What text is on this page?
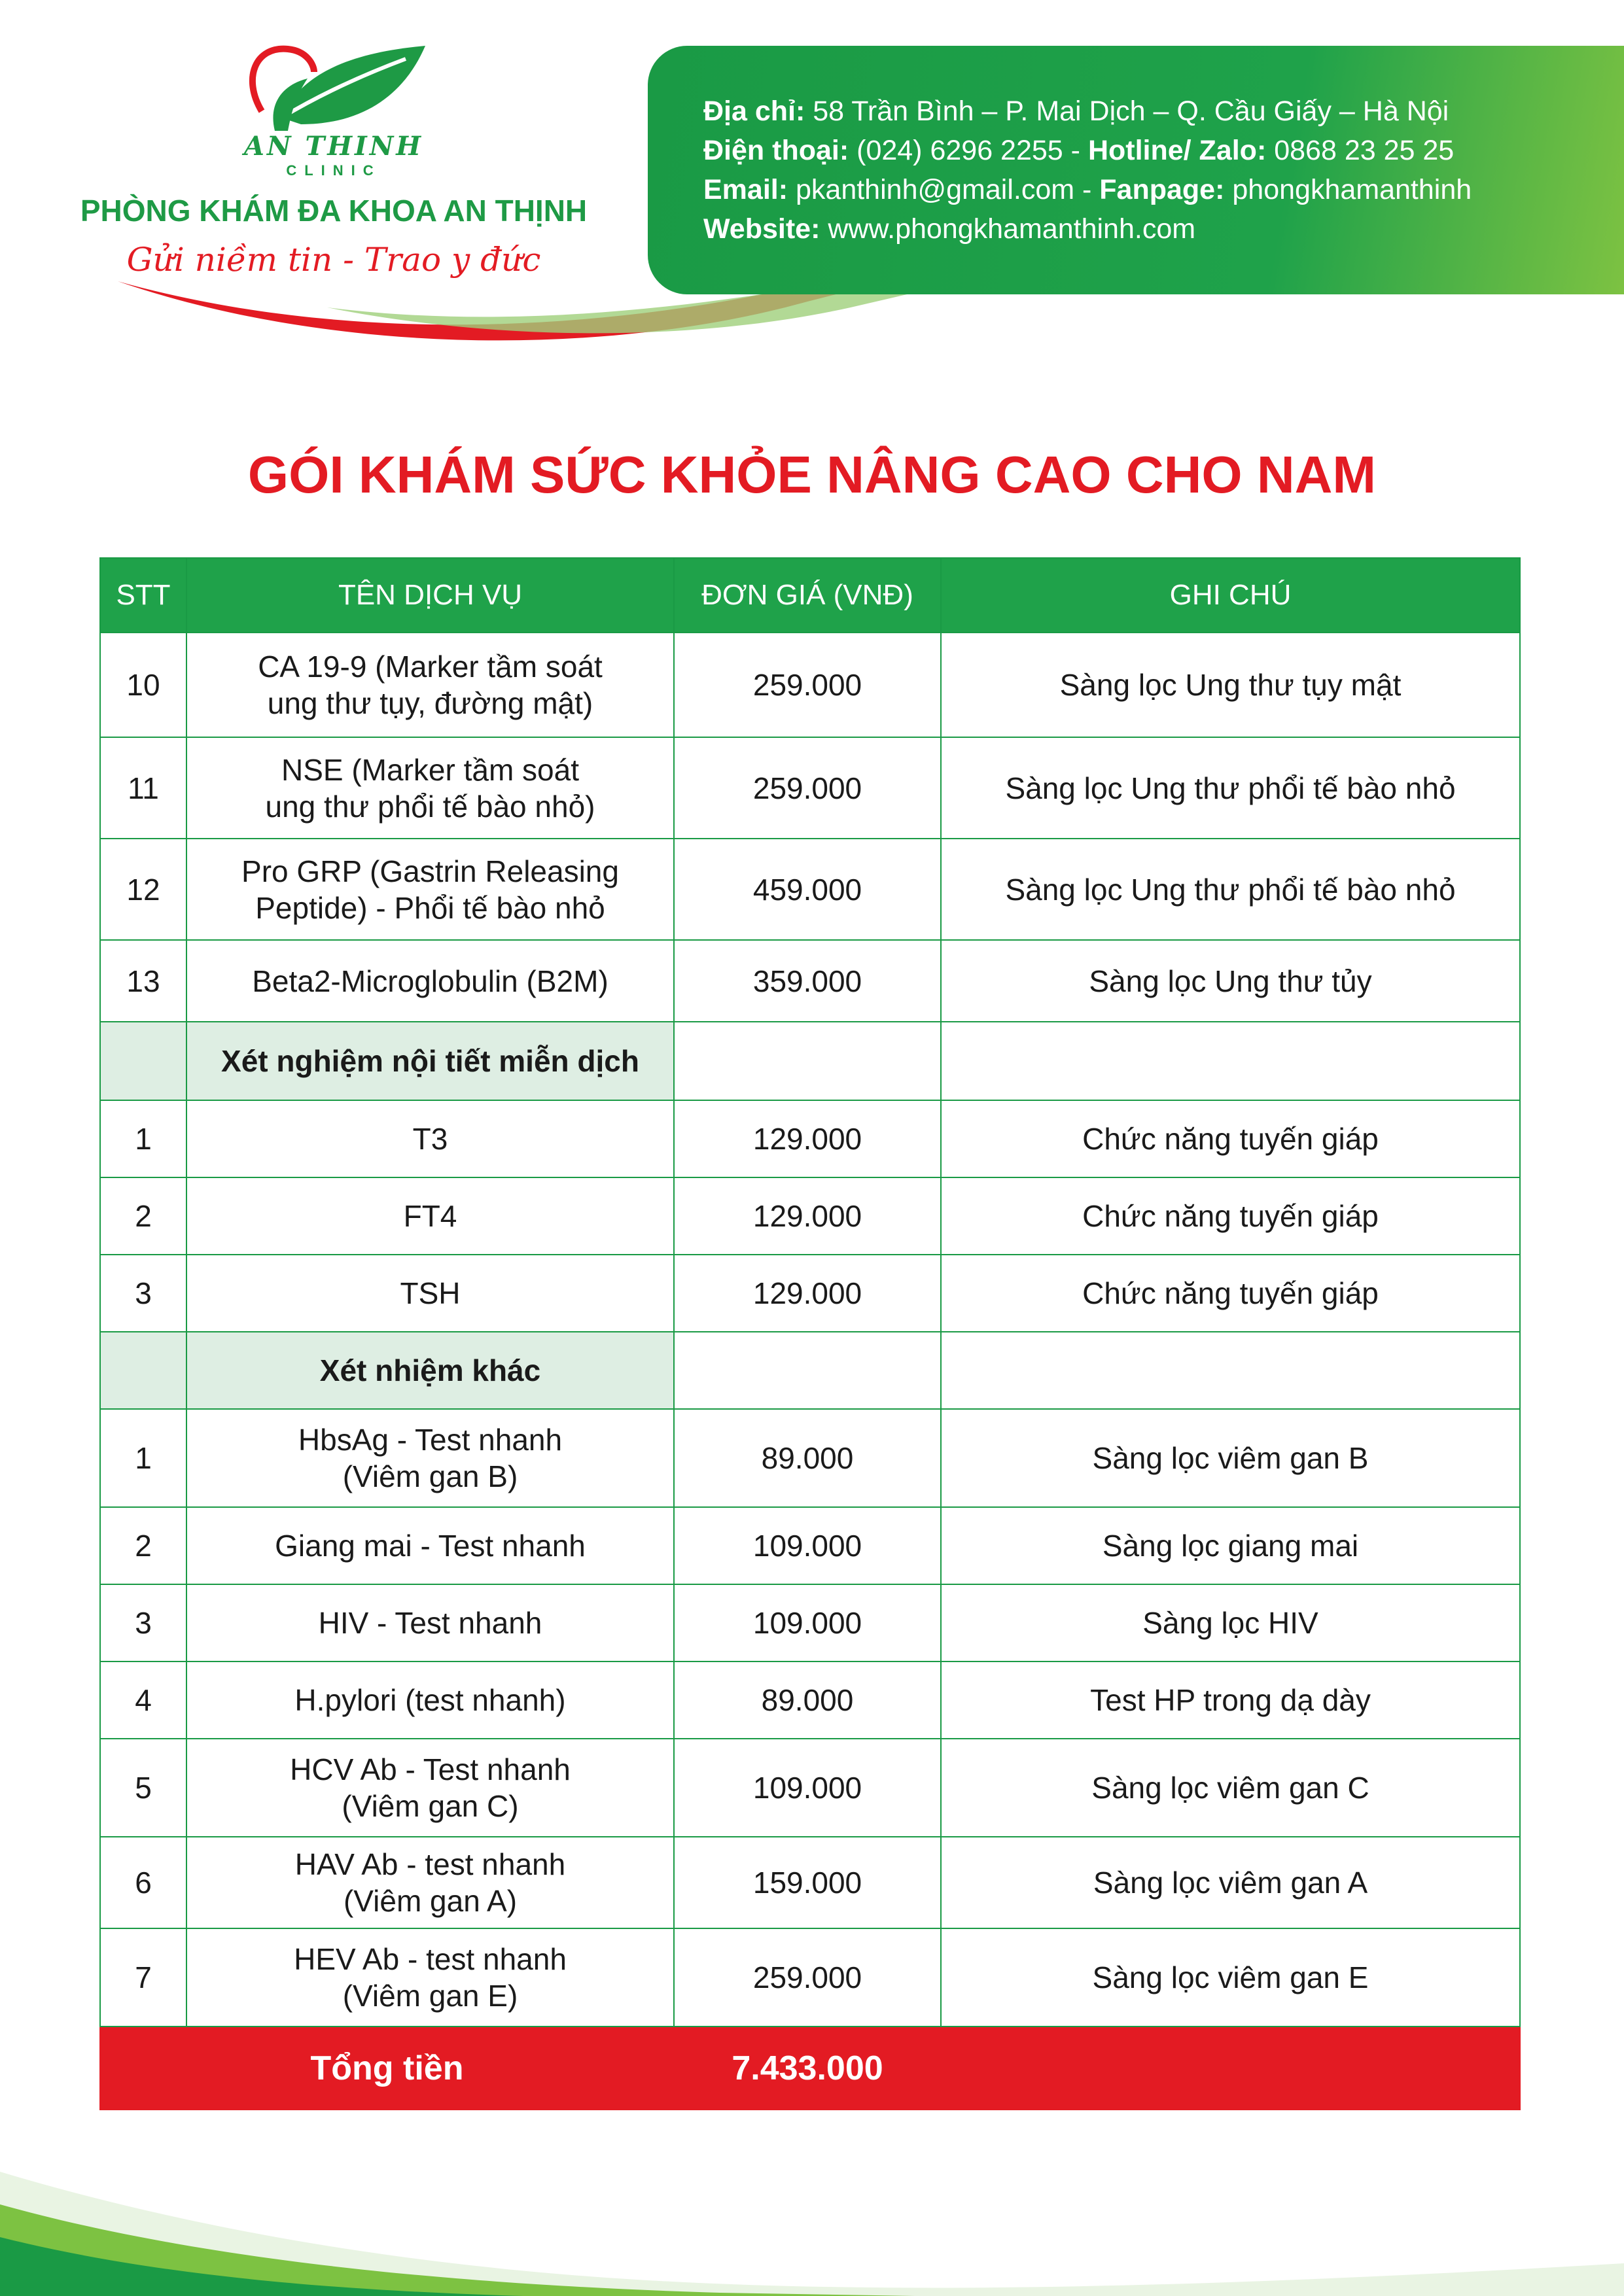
AN THINH
CLINIC
PHÒNG KHÁM ĐA KHOA AN THỊNH
Gửi niềm tin - Trao y đức
Địa chỉ: 58 Trần Bình – P. Mai Dịch – Q. Cầu Giấy – Hà Nội
Điện thoại: (024) 6296 2255 - Hotline/ Zalo: 0868 23 25 25
Email: pkanthinh@gmail.com - Fanpage: phongkhamanthinh
Website: www.phongkhamanthinh.com
GÓI KHÁM SỨC KHỎE NÂNG CAO CHO NAM
STT	TÊN DỊCH VỤ	ĐƠN GIÁ (VNĐ)	GHI CHÚ
10	CA 19-9 (Marker tầm soát
ung thư tụy, đường mật)	259.000	Sàng lọc Ung thư tụy mật
11	NSE (Marker tầm soát
ung thư phổi tế bào nhỏ)	259.000	Sàng lọc Ung thư phổi tế bào nhỏ
12	Pro GRP (Gastrin Releasing
Peptide) - Phổi tế bào nhỏ	459.000	Sàng lọc Ung thư phổi tế bào nhỏ
13	Beta2-Microglobulin (B2M)	359.000	Sàng lọc Ung thư tủy
	Xét nghiệm nội tiết miễn dịch		
1	T3	129.000	Chức năng tuyến giáp
2	FT4	129.000	Chức năng tuyến giáp
3	TSH	129.000	Chức năng tuyến giáp
	Xét nhiệm khác		
1	HbsAg - Test nhanh
(Viêm gan B)	89.000	Sàng lọc viêm gan B
2	Giang mai - Test nhanh	109.000	Sàng lọc giang mai
3	HIV - Test nhanh	109.000	Sàng lọc HIV
4	H.pylori (test nhanh)	89.000	Test HP trong dạ dày
5	HCV Ab - Test nhanh
(Viêm gan C)	109.000	Sàng lọc viêm gan C
6	HAV Ab - test nhanh
(Viêm gan A)	159.000	Sàng lọc viêm gan A
7	HEV Ab - test nhanh
(Viêm gan E)	259.000	Sàng lọc viêm gan E
Tổng tiền		7.433.000	
